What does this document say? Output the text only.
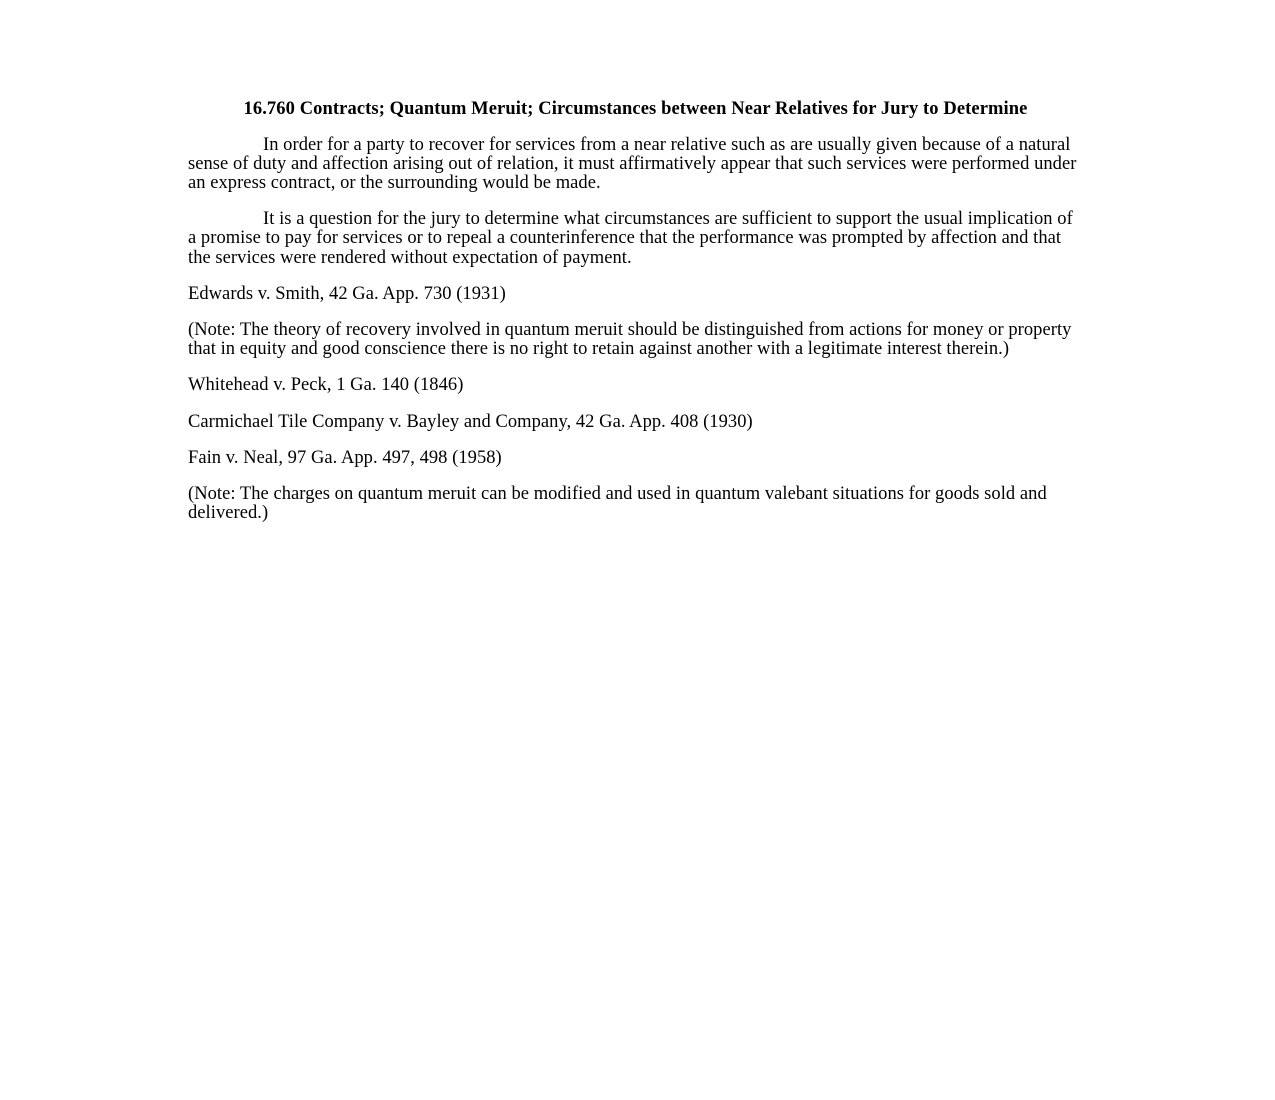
16.760 Contracts; Quantum Meruit; Circumstances between Near Relatives for Jury to Determine

In order for a party to recover for services from a near relative such as are usually given because of a natural sense of duty and affection arising out of relation, it must affirmatively appear that such services were performed under an express contract, or the surrounding would be made.

It is a question for the jury to determine what circumstances are sufficient to support the usual implication of a promise to pay for services or to repeal a counterinference that the performance was prompted by affection and that the services were rendered without expectation of payment.

Edwards v. Smith, 42 Ga. App. 730 (1931)

(Note: The theory of recovery involved in quantum meruit should be distinguished from actions for money or property that in equity and good conscience there is no right to retain against another with a legitimate interest therein.)

Whitehead v. Peck, 1 Ga. 140 (1846)

Carmichael Tile Company v. Bayley and Company, 42 Ga. App. 408 (1930)

Fain v. Neal, 97 Ga. App. 497, 498 (1958)

(Note: The charges on quantum meruit can be modified and used in quantum valebant situations for goods sold and delivered.)
